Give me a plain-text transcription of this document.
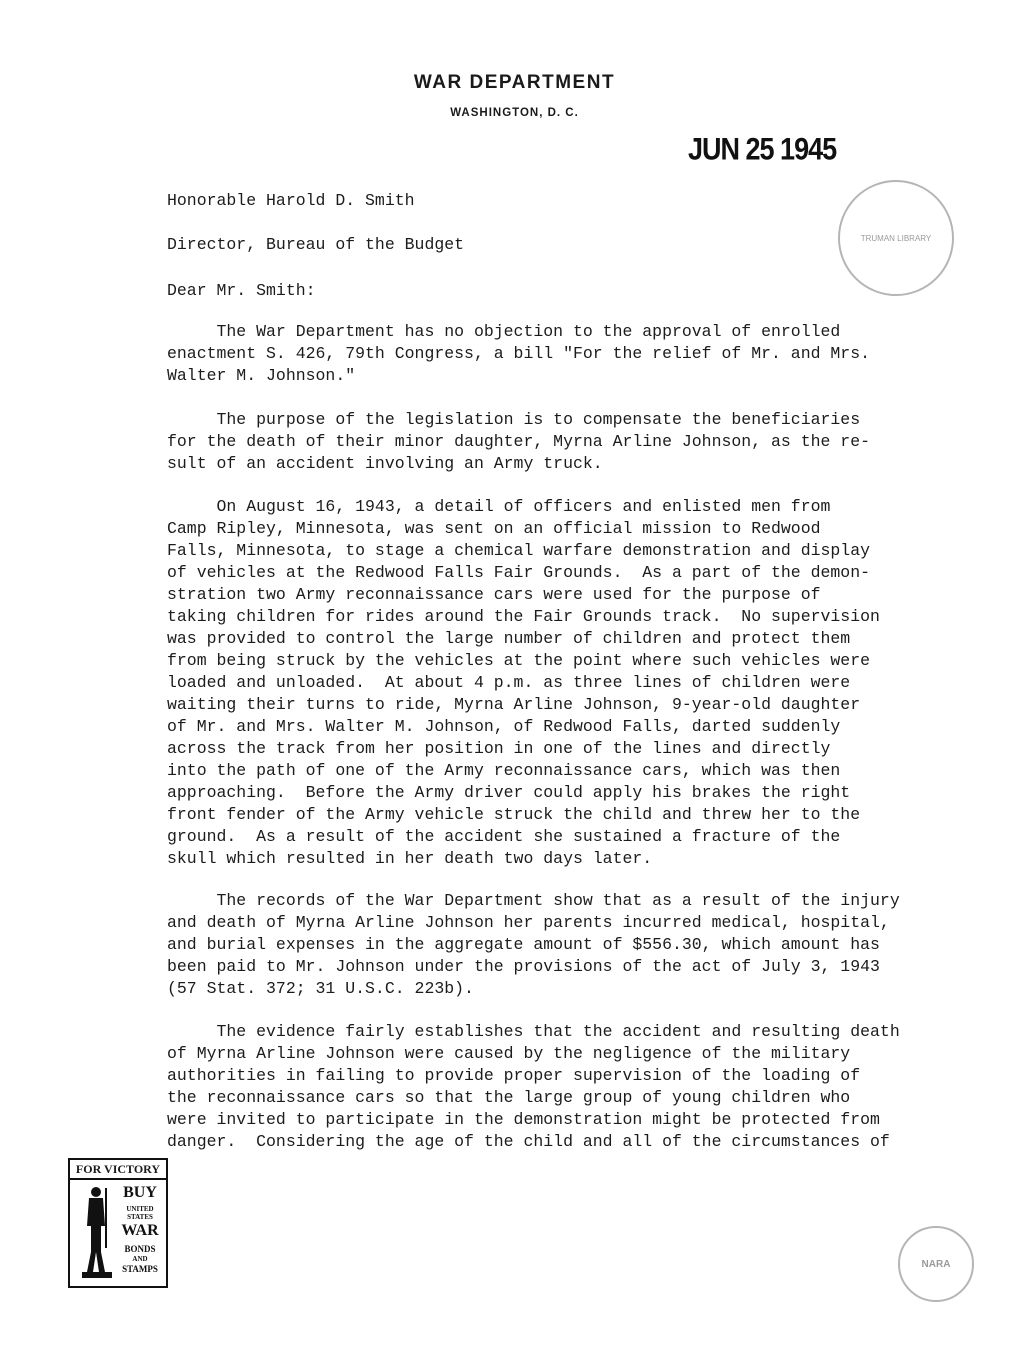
WAR DEPARTMENT
WASHINGTON, D. C.
JUN 25 1945
TRUMAN LIBRARY
Honorable Harold D. Smith
Director, Bureau of the Budget
Dear Mr. Smith:
The War Department has no objection to the approval of enrolled
enactment S. 426, 79th Congress, a bill "For the relief of Mr. and Mrs.
Walter M. Johnson."
The purpose of the legislation is to compensate the beneficiaries
for the death of their minor daughter, Myrna Arline Johnson, as the re-
sult of an accident involving an Army truck.
On August 16, 1943, a detail of officers and enlisted men from
Camp Ripley, Minnesota, was sent on an official mission to Redwood
Falls, Minnesota, to stage a chemical warfare demonstration and display
of vehicles at the Redwood Falls Fair Grounds.  As a part of the demon-
stration two Army reconnaissance cars were used for the purpose of
taking children for rides around the Fair Grounds track.  No supervision
was provided to control the large number of children and protect them
from being struck by the vehicles at the point where such vehicles were
loaded and unloaded.  At about 4 p.m. as three lines of children were
waiting their turns to ride, Myrna Arline Johnson, 9-year-old daughter
of Mr. and Mrs. Walter M. Johnson, of Redwood Falls, darted suddenly
across the track from her position in one of the lines and directly
into the path of one of the Army reconnaissance cars, which was then
approaching.  Before the Army driver could apply his brakes the right
front fender of the Army vehicle struck the child and threw her to the
ground.  As a result of the accident she sustained a fracture of the
skull which resulted in her death two days later.
The records of the War Department show that as a result of the injury
and death of Myrna Arline Johnson her parents incurred medical, hospital,
and burial expenses in the aggregate amount of $556.30, which amount has
been paid to Mr. Johnson under the provisions of the act of July 3, 1943
(57 Stat. 372; 31 U.S.C. 223b).
The evidence fairly establishes that the accident and resulting death
of Myrna Arline Johnson were caused by the negligence of the military
authorities in failing to provide proper supervision of the loading of
the reconnaissance cars so that the large group of young children who
were invited to participate in the demonstration might be protected from
danger.  Considering the age of the child and all of the circumstances of
FOR VICTORY
BUY
UNITED
STATES
WAR
BONDS
AND
STAMPS	NARA
